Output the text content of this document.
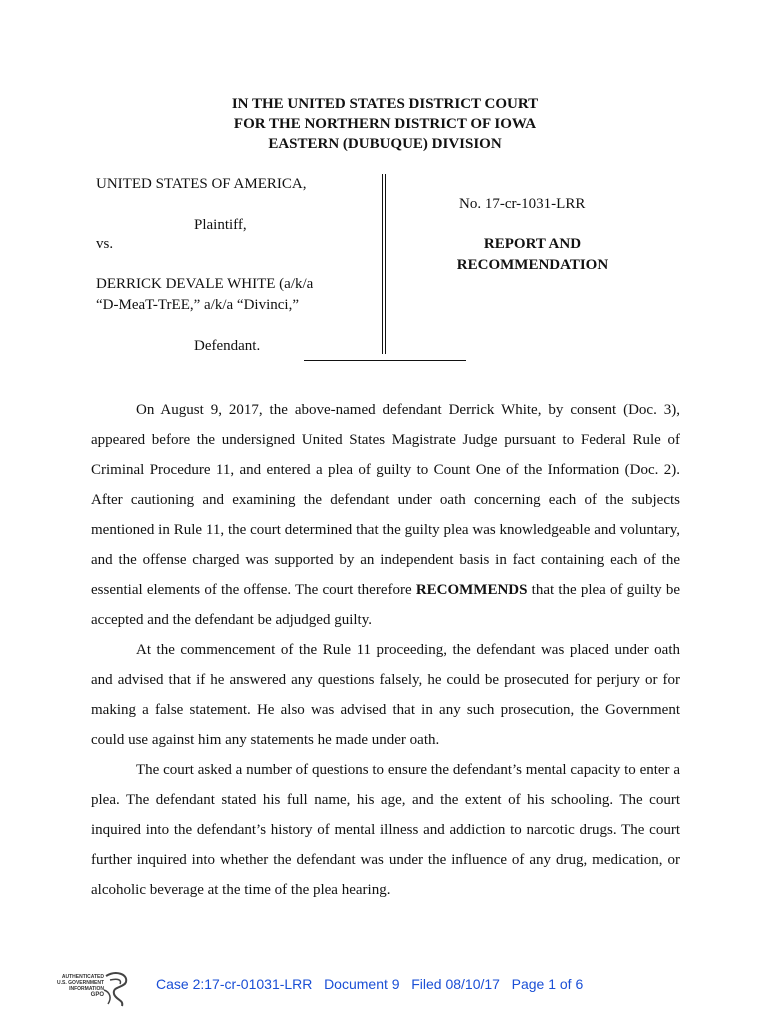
IN THE UNITED STATES DISTRICT COURT
FOR THE NORTHERN DISTRICT OF IOWA
EASTERN (DUBUQUE) DIVISION
UNITED STATES OF AMERICA,
Plaintiff,
vs.
DERRICK DEVALE WHITE (a/k/a
“D-MeaT-TrEE,” a/k/a “Divinci,”
Defendant.
No. 17-cr-1031-LRR
REPORT AND
RECOMMENDATION

On August 9, 2017, the above-named defendant Derrick White, by consent (Doc. 3), appeared before the undersigned United States Magistrate Judge pursuant to Federal Rule of Criminal Procedure 11, and entered a plea of guilty to Count One of the Information (Doc. 2). After cautioning and examining the defendant under oath concerning each of the subjects mentioned in Rule 11, the court determined that the guilty plea was knowledgeable and voluntary, and the offense charged was supported by an independent basis in fact containing each of the essential elements of the offense. The court therefore RECOMMENDS that the plea of guilty be accepted and the defendant be adjudged guilty.

At the commencement of the Rule 11 proceeding, the defendant was placed under oath and advised that if he answered any questions falsely, he could be prosecuted for perjury or for making a false statement. He also was advised that in any such prosecution, the Government could use against him any statements he made under oath.

The court asked a number of questions to ensure the defendant’s mental capacity to enter a plea. The defendant stated his full name, his age, and the extent of his schooling. The court inquired into the defendant’s history of mental illness and addiction to narcotic drugs. The court further inquired into whether the defendant was under the influence of any drug, medication, or alcoholic beverage at the time of the plea hearing.

AUTHENTICATED
U.S. GOVERNMENT
INFORMATION
GPO
Case 2:17-cr-01031-LRR   Document 9   Filed 08/10/17   Page 1 of 6
